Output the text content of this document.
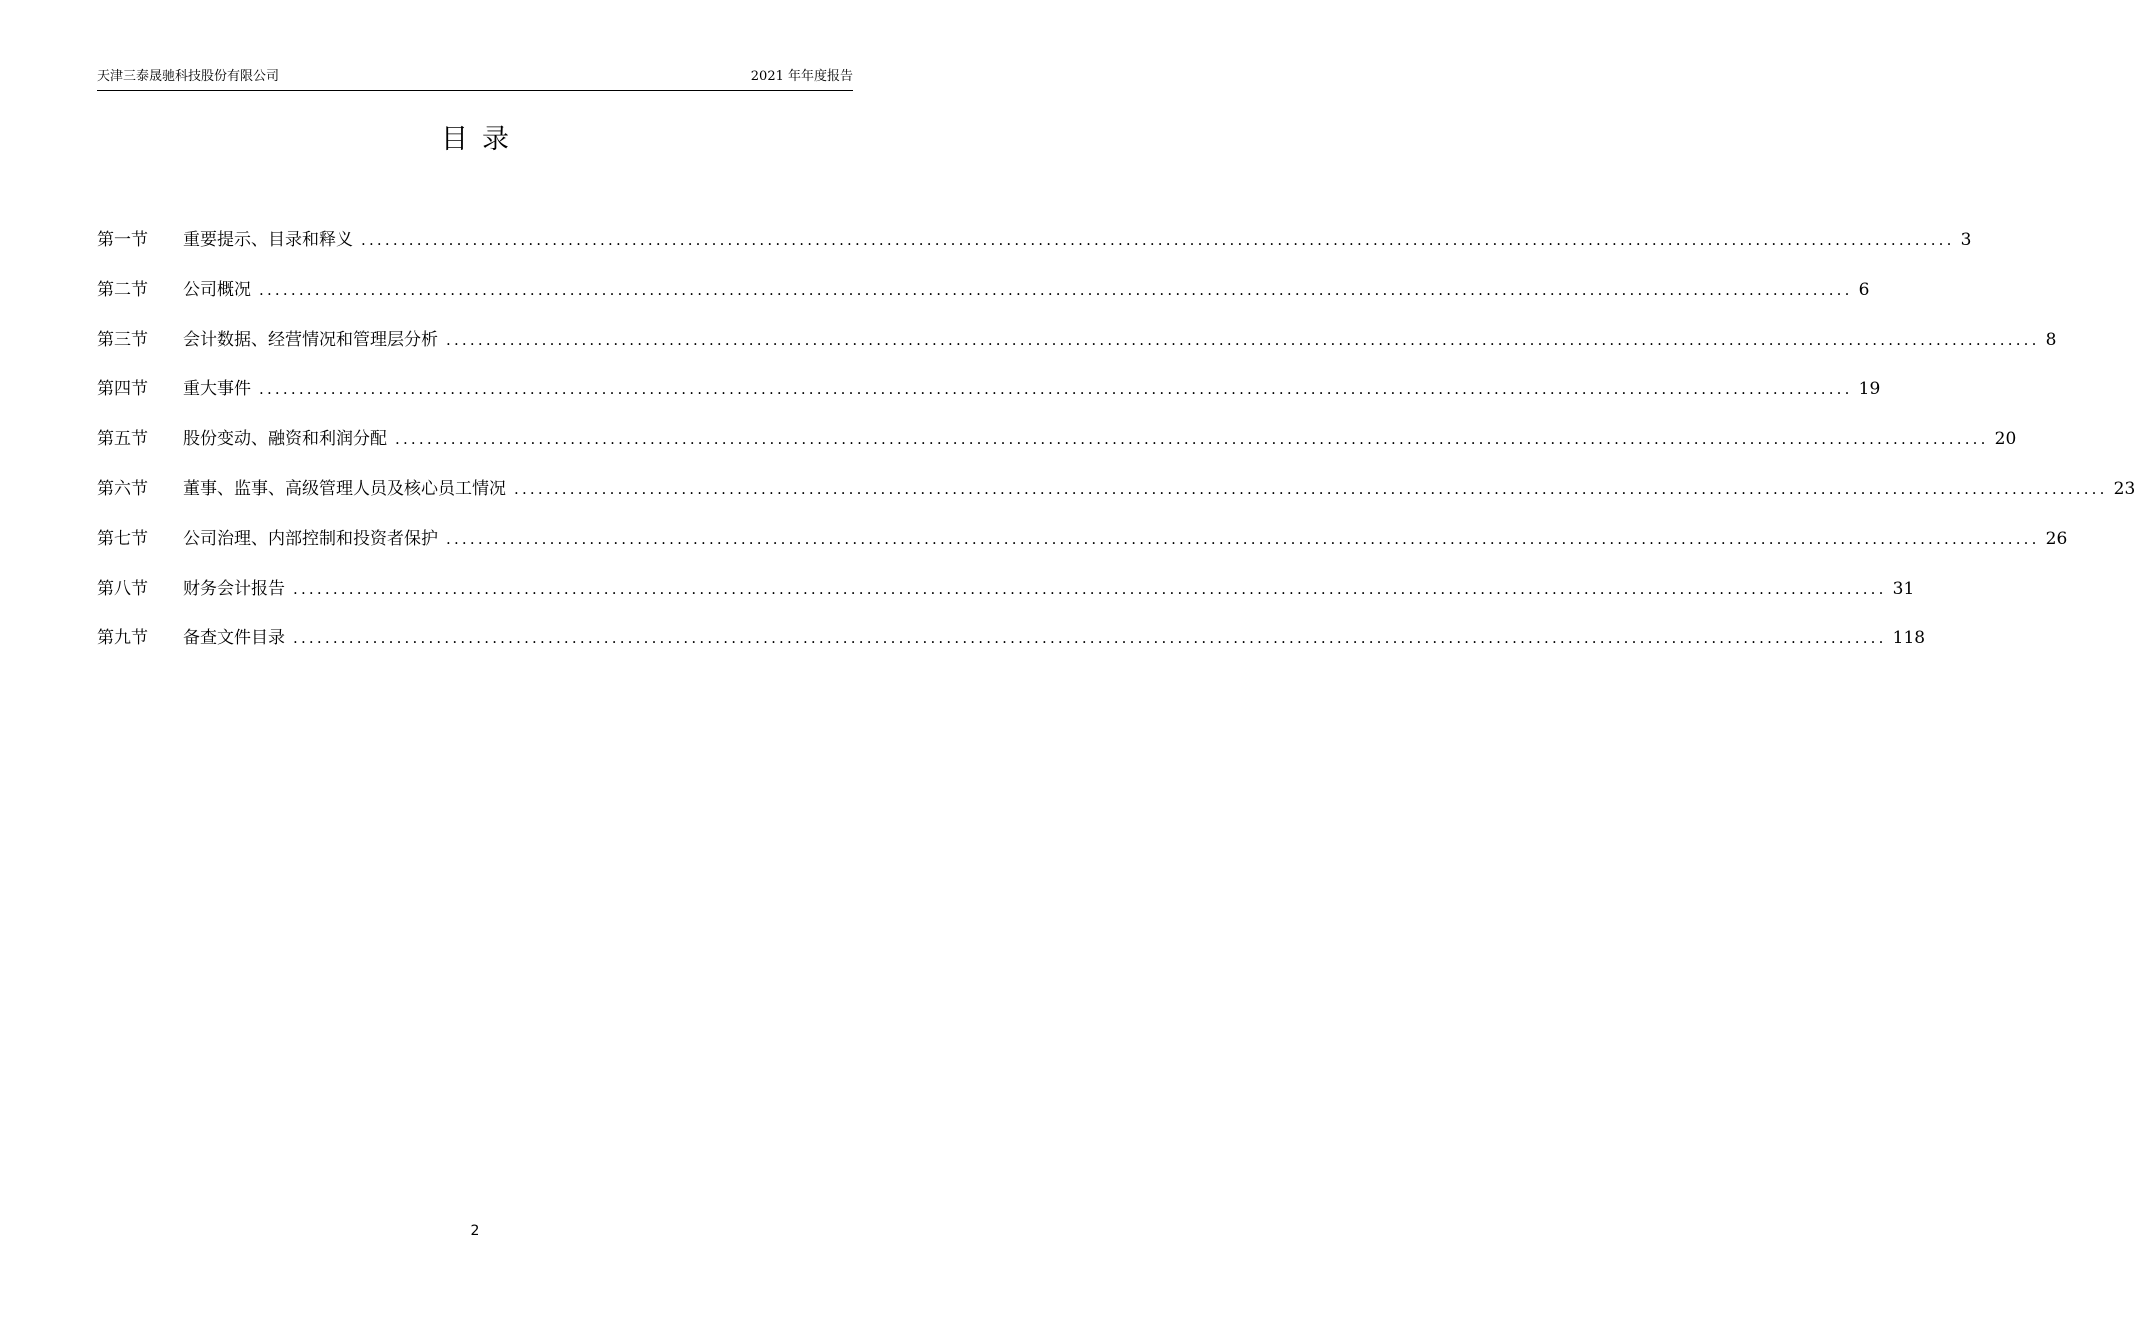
天津三泰晟驰科技股份有限公司	2021 年年度报告
目录
第一节	重要提示、目录和释义 ........................................................................................................................................................................................................ 3
第二节	公司概况 ........................................................................................................................................................................................................ 6
第三节	会计数据、经营情况和管理层分析 ........................................................................................................................................................................................................ 8
第四节	重大事件 ........................................................................................................................................................................................................ 19
第五节	股份变动、融资和利润分配 ........................................................................................................................................................................................................ 20
第六节	董事、监事、高级管理人员及核心员工情况 ........................................................................................................................................................................................................ 23
第七节	公司治理、内部控制和投资者保护 ........................................................................................................................................................................................................ 26
第八节	财务会计报告 ........................................................................................................................................................................................................ 31
第九节	备查文件目录 ........................................................................................................................................................................................................ 118
2
